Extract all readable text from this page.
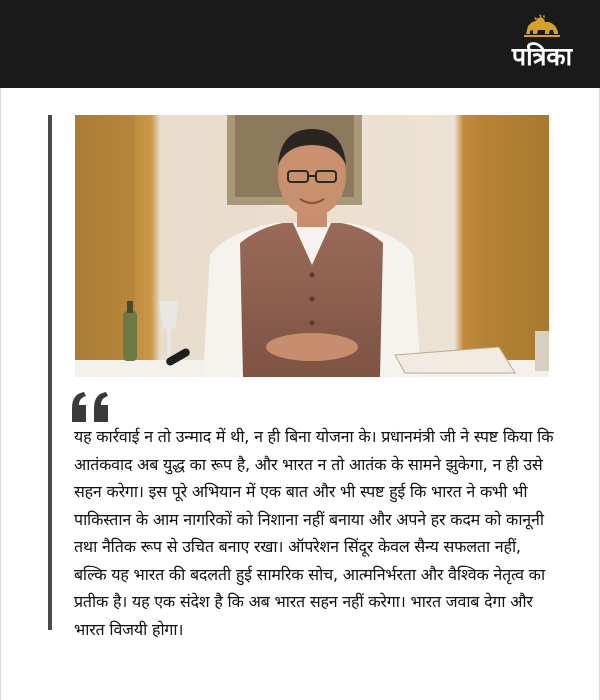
पत्रिका

यह कार्रवाई न तो उन्माद में थी, न ही बिना योजना के। प्रधानमंत्री जी ने स्पष्ट किया कि आतंकवाद अब युद्ध का रूप है, और भारत न तो आतंक के सामने झुकेगा, न ही उसे सहन करेगा। इस पूरे अभियान में एक बात और भी स्पष्ट हुई कि भारत ने कभी भी पाकिस्तान के आम नागरिकों को निशाना नहीं बनाया और अपने हर कदम को कानूनी तथा नैतिक रूप से उचित बनाए रखा। ऑपरेशन सिंदूर केवल सैन्य सफलता नहीं, बल्कि यह भारत की बदलती हुई सामरिक सोच, आत्मनिर्भरता और वैश्विक नेतृत्व का प्रतीक है। यह एक संदेश है कि अब भारत सहन नहीं करेगा। भारत जवाब देगा और भारत विजयी होगा।
